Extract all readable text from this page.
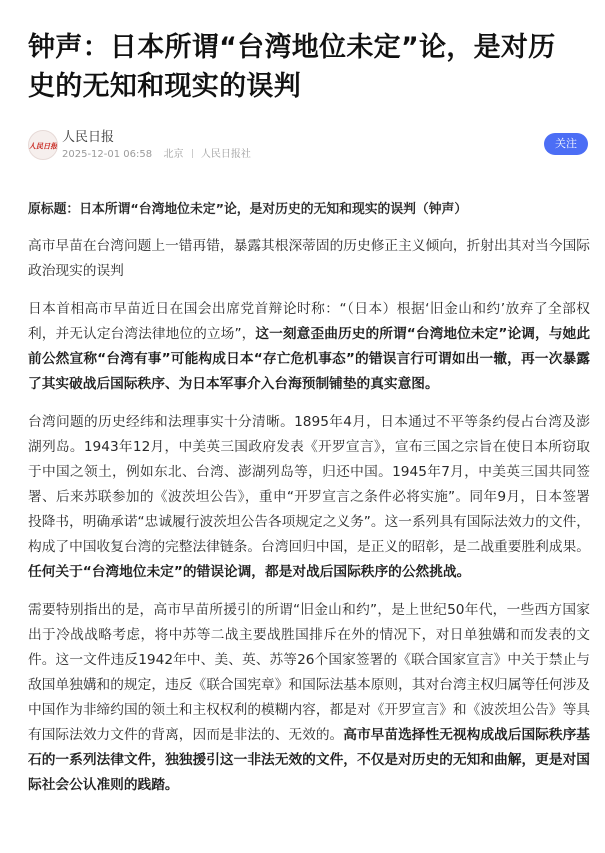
钟声：日本所谓“台湾地位未定”论，是对历史的无知和现实的误判
人民日报
人民日报
2025-12-01 06:58 北京 人民日报社
关注

原标题：日本所谓“台湾地位未定”论，是对历史的无知和现实的误判（钟声）

高市早苗在台湾问题上一错再错，暴露其根深蒂固的历史修正主义倾向，折射出其对当今国际政治现实的误判

日本首相高市早苗近日在国会出席党首辩论时称：“（日本）根据‘旧金山和约’放弃了全部权利，并无认定台湾法律地位的立场”，这一刻意歪曲历史的所谓“台湾地位未定”论调，与她此前公然宣称“台湾有事”可能构成日本“存亡危机事态”的错误言行可谓如出一辙，再一次暴露了其实破战后国际秩序、为日本军事介入台海预制铺垫的真实意图。

台湾问题的历史经纬和法理事实十分清晰。1895年4月，日本通过不平等条约侵占台湾及澎湖列岛。1943年12月，中美英三国政府发表《开罗宣言》，宣布三国之宗旨在使日本所窃取于中国之领土，例如东北、台湾、澎湖列岛等，归还中国。1945年7月，中美英三国共同签署、后来苏联参加的《波茨坦公告》，重申“开罗宣言之条件必将实施”。同年9月，日本签署投降书，明确承诺“忠诚履行波茨坦公告各项规定之义务”。这一系列具有国际法效力的文件，构成了中国收复台湾的完整法律链条。台湾回归中国，是正义的昭彰，是二战重要胜利成果。任何关于“台湾地位未定”的错误论调，都是对战后国际秩序的公然挑战。

需要特别指出的是，高市早苗所援引的所谓“旧金山和约”，是上世纪50年代，一些西方国家出于冷战战略考虑，将中苏等二战主要战胜国排斥在外的情况下，对日单独媾和而发表的文件。这一文件违反1942年中、美、英、苏等26个国家签署的《联合国家宣言》中关于禁止与敌国单独媾和的规定，违反《联合国宪章》和国际法基本原则，其对台湾主权归属等任何涉及中国作为非缔约国的领土和主权权利的模糊内容，都是对《开罗宣言》和《波茨坦公告》等具有国际法效力文件的背离，因而是非法的、无效的。高市早苗选择性无视构成战后国际秩序基石的一系列法律文件，独独援引这一非法无效的文件，不仅是对历史的无知和曲解，更是对国际社会公认准则的践踏。
